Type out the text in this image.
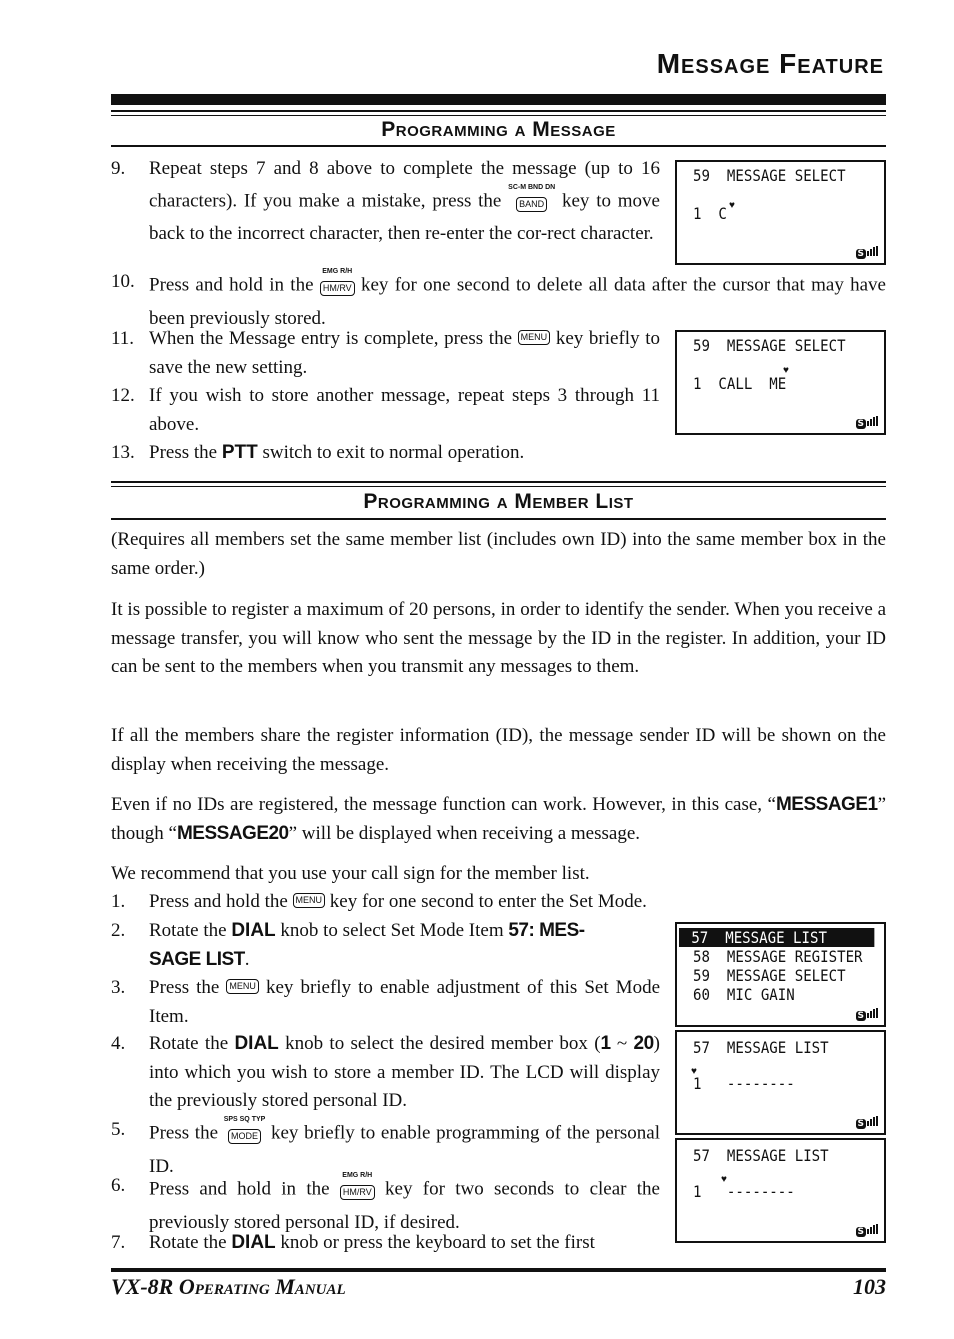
Message Feature
Programming a Message
9. Repeat steps 7 and 8 above to complete the message (up to 16 characters). If you make a mistake, press the
SC-M BND DN
BAND key to move back to the incorrect character, then re-enter the cor-rect character.
10. Press and hold in the
EMG R/H
HM/RV key for one second to delete all data after the cursor that may have been previously stored.
11. When the Message entry is complete, press the MENU key briefly to save the new setting.
12. If you wish to store another message, repeat steps 3 through 11 above.
13. Press the PTT switch to exit to normal operation.
59  MESSAGE SELECT
1  C ♥
S
59  MESSAGE SELECT
1  CALL  ME
♥
S
Programming a Member List
(Requires all members set the same member list (includes own ID) into the same member box in the same order.)
It is possible to register a maximum of 20 persons, in order to identify the sender. When you receive a message transfer, you will know who sent the message by the ID in the register. In addition, your ID can be sent to the members when you transmit any messages to them.
If all the members share the register information (ID), the message sender ID will be shown on the display when receiving the message.
Even if no IDs are registered, the message function can work. However, in this case, “MESSAGE1” though “MESSAGE20” will be displayed when receiving a message.
We recommend that you use your call sign for the member list.
1. Press and hold the MENU key for one second to enter the Set Mode.
2. Rotate the DIAL knob to select Set Mode Item 57: MES-
SAGE LIST.
3. Press the MENU key briefly to enable adjustment of this Set Mode Item.
4. Rotate the DIAL knob to select the desired member box (1 ~ 20) into which you wish to store a member ID. The LCD will display the previously stored personal ID.
5. Press the
SPS SQ TYP
MODE key briefly to enable programming of the personal ID.
6. Press and hold in the
EMG R/H
HM/RV key for two seconds to clear the previously stored personal ID, if desired.
7. Rotate the DIAL knob or press the keyboard to set the first
57  MESSAGE LIST
58  MESSAGE REGISTER
59  MESSAGE SELECT
60  MIC GAIN
S
57  MESSAGE LIST
1   --------
♥
S
57  MESSAGE LIST
1   --------
♥
S
VX-8R Operating Manual	103
